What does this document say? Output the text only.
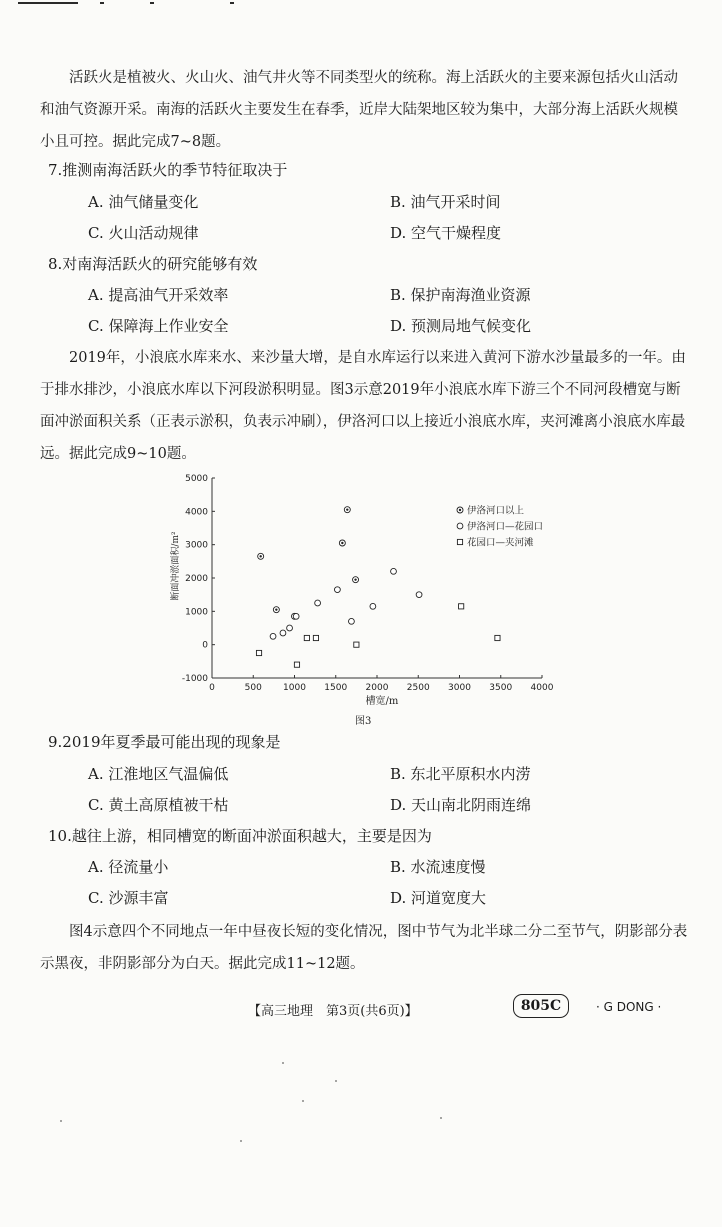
活跃火是植被火、火山火、油气井火等不同类型火的统称。海上活跃火的主要来源包括火山活动和油气资源开采。南海的活跃火主要发生在春季，近岸大陆架地区较为集中，大部分海上活跃火规模小且可控。据此完成7~8题。
7.推测南海活跃火的季节特征取决于
A. 油气储量变化	B. 油气开采时间
C. 火山活动规律	D. 空气干燥程度
8.对南海活跃火的研究能够有效
A. 提高油气开采效率	B. 保护南海渔业资源
C. 保障海上作业安全	D. 预测局地气候变化
2019年，小浪底水库来水、来沙量大增，是自水库运行以来进入黄河下游水沙量最多的一年。由于排水排沙，小浪底水库以下河段淤积明显。图3示意2019年小浪底水库下游三个不同河段槽宽与断面冲淤面积关系（正表示淤积，负表示冲刷），伊洛河口以上接近小浪底水库，夹河滩离小浪底水库最远。据此完成9~10题。
0	500 1000 1500 2000 2500 3000 3500 4000
5000
4000
3000
2000
1000
0
-1000
槽宽/m
断面冲淤面积/m²
伊洛河口以上
伊洛河口—花园口
花园口—夹河滩
图3
9.2019年夏季最可能出现的现象是
A. 江淮地区气温偏低	B. 东北平原积水内涝
C. 黄土高原植被干枯	D. 天山南北阴雨连绵
10.越往上游，相同槽宽的断面冲淤面积越大，主要是因为
A. 径流量小	B. 水流速度慢
C. 沙源丰富	D. 河道宽度大
图4示意四个不同地点一年中昼夜长短的变化情况，图中节气为北半球二分二至节气，阴影部分表示黑夜，非阴影部分为白天。据此完成11~12题。
【高三地理　第3页(共6页)】	805C	· G DONG ·
